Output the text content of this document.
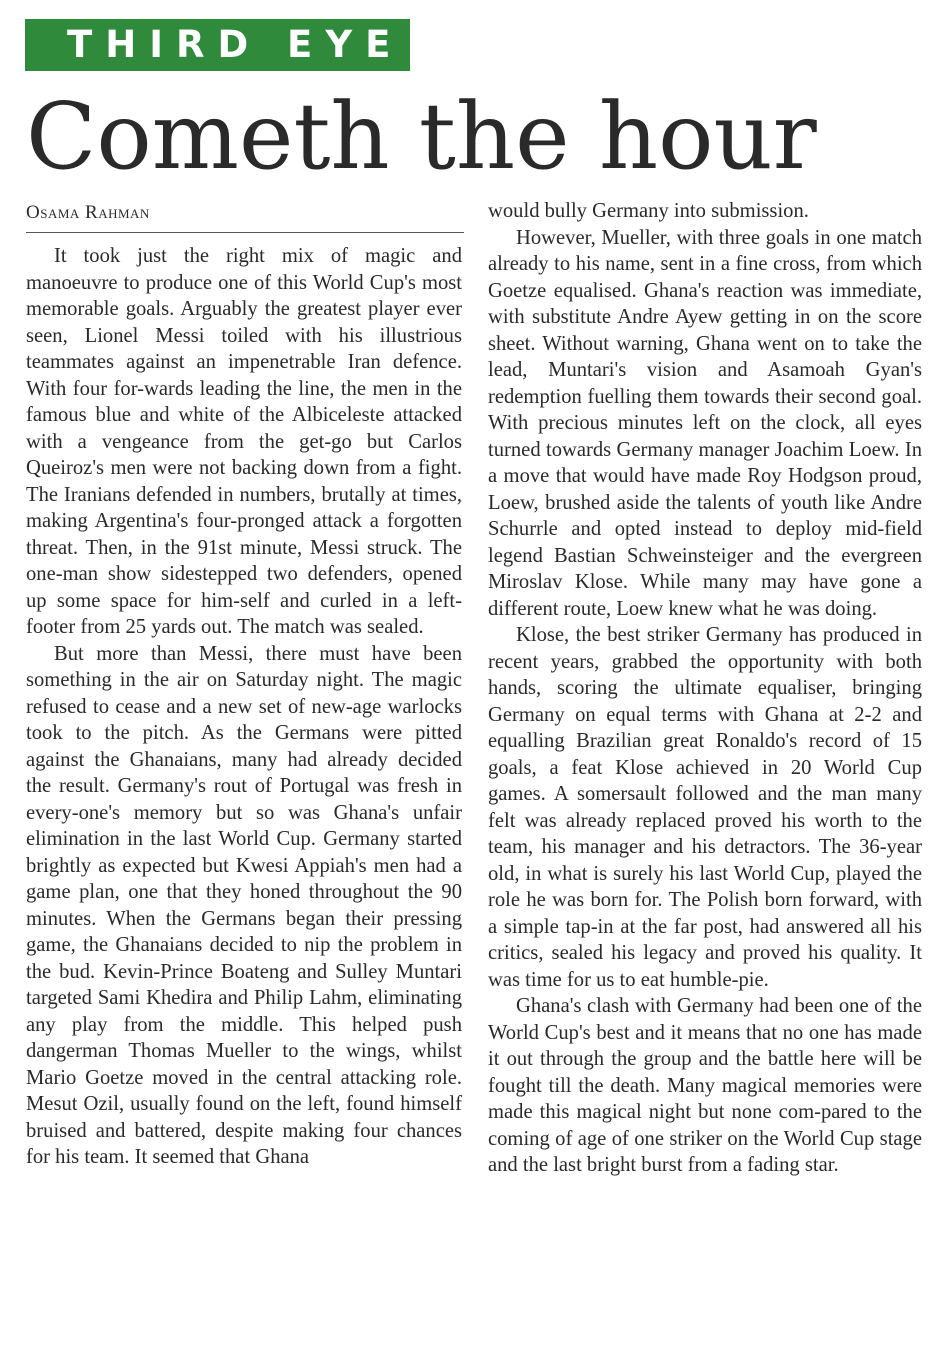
THIRD EYE
Cometh the hour
Osama Rahman

It took just the right mix of magic and manoeuvre to produce one of this World Cup's most memorable goals. Arguably the greatest player ever seen, Lionel Messi toiled with his illustrious teammates against an impenetrable Iran defence. With four for-wards leading the line, the men in the famous blue and white of the Albiceleste attacked with a vengeance from the get-go but Carlos Queiroz's men were not backing down from a fight. The Iranians defended in numbers, brutally at times, making Argentina's four-pronged attack a forgotten threat. Then, in the 91st minute, Messi struck. The one-man show sidestepped two defenders, opened up some space for him-self and curled in a left-footer from 25 yards out. The match was sealed.

But more than Messi, there must have been something in the air on Saturday night. The magic refused to cease and a new set of new-age warlocks took to the pitch. As the Germans were pitted against the Ghanaians, many had already decided the result. Germany's rout of Portugal was fresh in every-one's memory but so was Ghana's unfair elimination in the last World Cup. Germany started brightly as expected but Kwesi Appiah's men had a game plan, one that they honed throughout the 90 minutes. When the Germans began their pressing game, the Ghanaians decided to nip the problem in the bud. Kevin-Prince Boateng and Sulley Muntari targeted Sami Khedira and Philip Lahm, eliminating any play from the middle. This helped push dangerman Thomas Mueller to the wings, whilst Mario Goetze moved in the central attacking role. Mesut Ozil, usually found on the left, found himself bruised and battered, despite making four chances for his team. It seemed that Ghana

would bully Germany into submission.

However, Mueller, with three goals in one match already to his name, sent in a fine cross, from which Goetze equalised. Ghana's reaction was immediate, with substitute Andre Ayew getting in on the score sheet. Without warning, Ghana went on to take the lead, Muntari's vision and Asamoah Gyan's redemption fuelling them towards their second goal. With precious minutes left on the clock, all eyes turned towards Germany manager Joachim Loew. In a move that would have made Roy Hodgson proud, Loew, brushed aside the talents of youth like Andre Schurrle and opted instead to deploy mid-field legend Bastian Schweinsteiger and the evergreen Miroslav Klose. While many may have gone a different route, Loew knew what he was doing.

Klose, the best striker Germany has produced in recent years, grabbed the opportunity with both hands, scoring the ultimate equaliser, bringing Germany on equal terms with Ghana at 2-2 and equalling Brazilian great Ronaldo's record of 15 goals, a feat Klose achieved in 20 World Cup games. A somersault followed and the man many felt was already replaced proved his worth to the team, his manager and his detractors. The 36-year old, in what is surely his last World Cup, played the role he was born for. The Polish born forward, with a simple tap-in at the far post, had answered all his critics, sealed his legacy and proved his quality. It was time for us to eat humble-pie.

Ghana's clash with Germany had been one of the World Cup's best and it means that no one has made it out through the group and the battle here will be fought till the death. Many magical memories were made this magical night but none com-pared to the coming of age of one striker on the World Cup stage and the last bright burst from a fading star.
